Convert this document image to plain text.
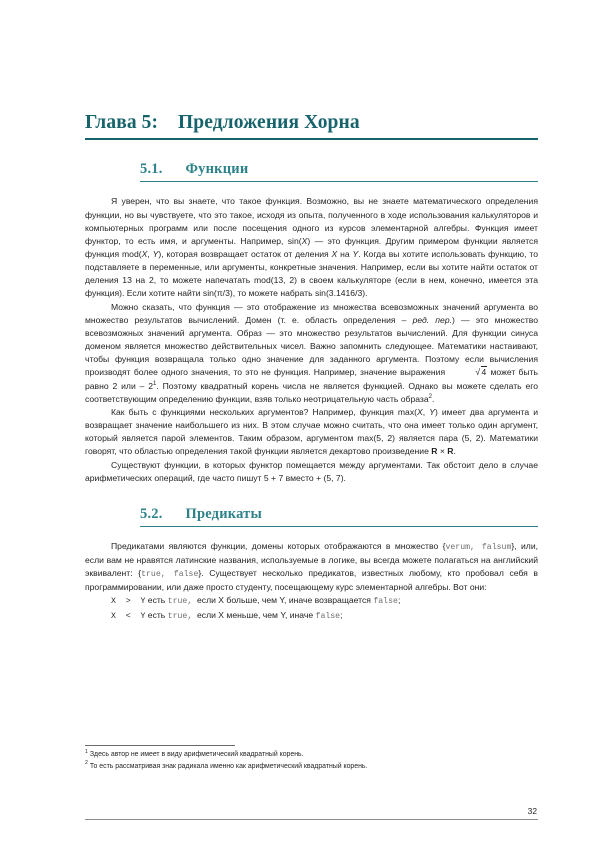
Глава 5:    Предложения Хорна
5.1.      Функции

Я уверен, что вы знаете, что такое функция. Возможно, вы не знаете математического определения функции, но вы чувствуете, что это такое, исходя из опыта, полученного в ходе использования калькуляторов и компьютерных программ или после посещения одного из курсов элементарной алгебры. Функция имеет функтор, то есть имя, и аргументы. Например, sin(X) — это функция. Другим примером функции является функция mod(X, Y), которая возвращает остаток от деления X на Y. Когда вы хотите использовать функцию, то подставляете в переменные, или аргументы, конкретные значения. Например, если вы хотите найти остаток от деления 13 на 2, то можете напечатать mod(13, 2) в своем калькуляторе (если в нем, конечно, имеется эта функция). Если хотите найти sin(π/3), то можете набрать sin(3.1416/3).

Можно сказать, что функция — это отображение из множества всевозможных значений аргумента во множество результатов вычислений. Домен (т. е. область определения – ред. пер.) — это множество всевозможных значений аргумента. Образ — это множество результатов вычислений. Для функции синуса доменом является множество действительных чисел. Важно запомнить следующее. Математики настаивают, чтобы функция возвращала только одно значение для заданного аргумента. Поэтому если вычисления производят более одного значения, то это не функция. Например, значение выражения	√ 4 может быть равно 2 или – $2^1$. Поэтому квадратный корень числа не является функцией. Однако вы можете сделать его соответствующим определению функции, взяв только неотрицательную часть образа$^2$.

Как быть с функциями нескольких аргументов? Например, функция max(X, Y) имеет два аргумента и возвращает значение наибольшего из них. В этом случае можно считать, что она имеет только один аргумент, который является парой элементов. Таким образом, аргументом max(5, 2) является пара (5, 2). Математики говорят, что областью определения такой функции является декартово произведение R × R.

Существуют функции, в которых функтор помещается между аргументами. Так обстоит дело в случае арифметических операций, где часто пишут 5 + 7 вместо + (5, 7).

5.2.      Предикаты

Предикатами являются функции, домены которых отображаются в множество {verum, falsum}, или, если вам не нравятся латинские названия, используемые в логике, вы всегда можете полагаться на английский эквивалент: {true, false}. Существует несколько предикатов, известных любому, кто пробовал себя в программировании, или даже просто студенту, посещающему курс элементарной алгебры. Вот они:

X  >  Y есть true,  если X больше, чем Y, иначе возвращается false;

X  <  Y есть true,  если X меньше, чем Y, иначе false;

$^1$ Здесь автор не имеет в виду арифметический квадратный корень.

$^2$ То есть рассматривая знак радикала именно как арифметический квадратный корень.

32
